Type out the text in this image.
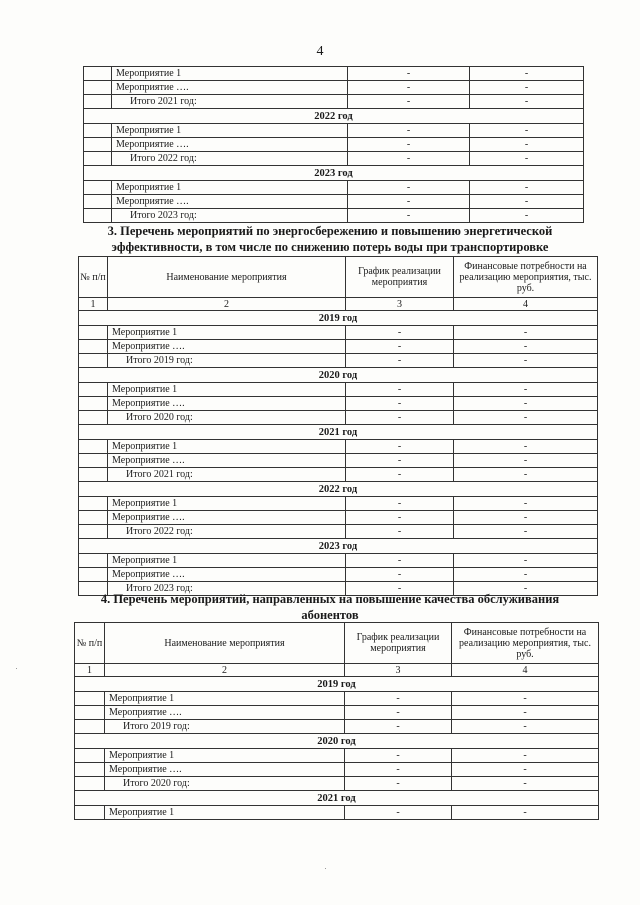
4
	Мероприятие 1	-	-
	Мероприятие ….	-	-
	Итого 2021 год:	-	-
2022 год			
	Мероприятие 1	-	-
	Мероприятие ….	-	-
	Итого 2022 год:	-	-
2023 год			
	Мероприятие 1	-	-
	Мероприятие ….	-	-
	Итого 2023 год:	-	-
3. Перечень мероприятий по энергосбережению и повышению энергетической
эффективности, в том числе по снижению потерь воды при транспортировке
№ п/п	Наименование мероприятия	График реализации мероприятия	Финансовые потребности на реализацию мероприятия, тыс. руб.
1	2	3	4
2019 год			
	Мероприятие 1	-	-
	Мероприятие ….	-	-
	Итого 2019 год:	-	-
2020 год			
	Мероприятие 1	-	-
	Мероприятие ….	-	-
	Итого 2020 год:	-	-
2021 год			
	Мероприятие 1	-	-
	Мероприятие ….	-	-
	Итого 2021 год:	-	-
2022 год			
	Мероприятие 1	-	-
	Мероприятие ….	-	-
	Итого 2022 год:	-	-
2023 год			
	Мероприятие 1	-	-
	Мероприятие ….	-	-
	Итого 2023 год:	-	-
4. Перечень мероприятий, направленных на повышение качества обслуживания
абонентов
№ п/п	Наименование мероприятия	График реализации мероприятия	Финансовые потребности на реализацию мероприятия, тыс. руб.
1	2	3	4
2019 год			
	Мероприятие 1	-	-
	Мероприятие ….	-	-
	Итого 2019 год:	-	-
2020 год			
	Мероприятие 1	-	-
	Мероприятие ….	-	-
	Итого 2020 год:	-	-
2021 год			
	Мероприятие 1	-	-
